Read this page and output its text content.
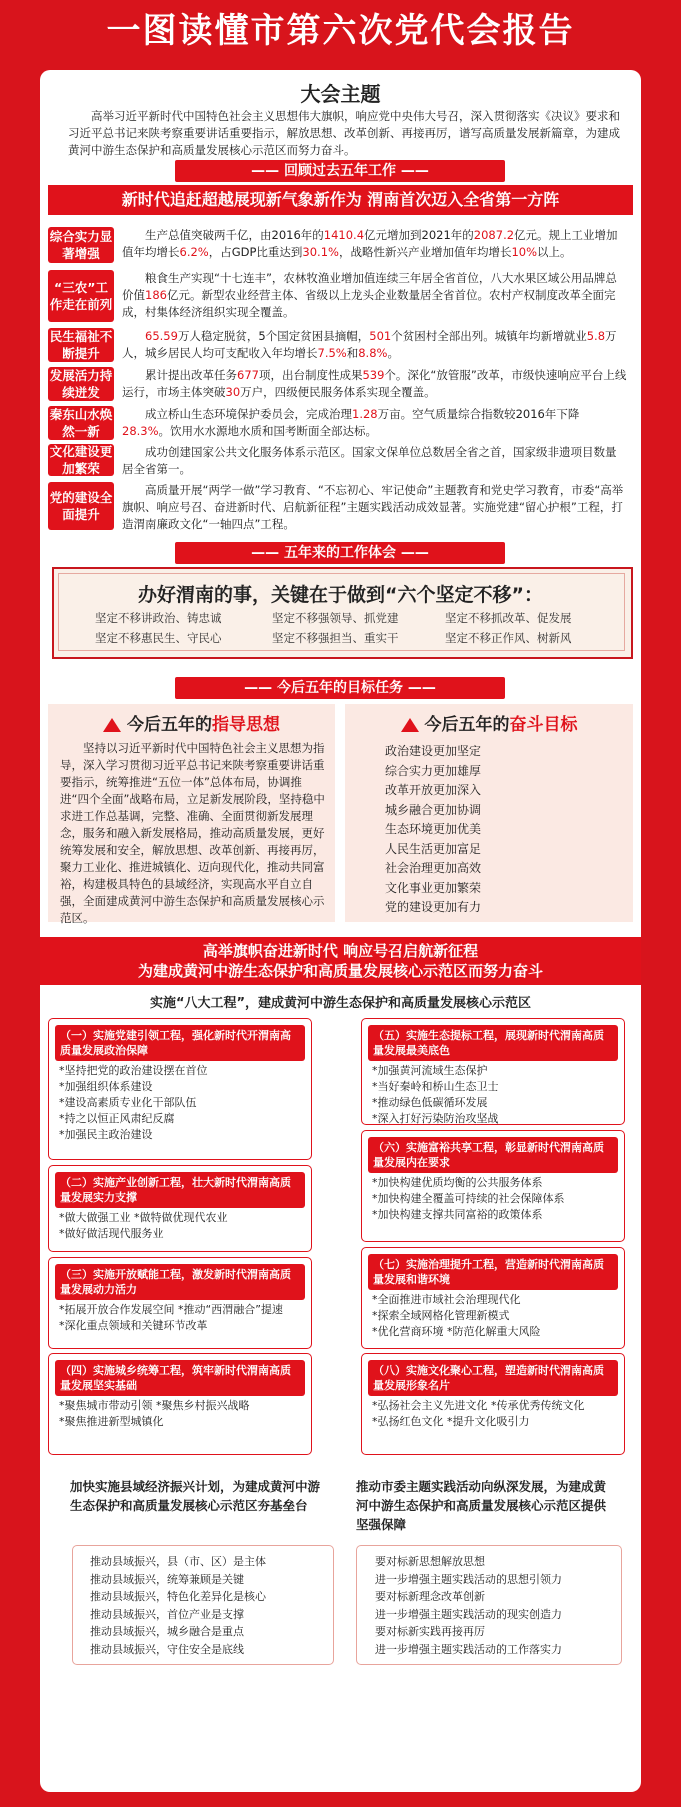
一图读懂市第六次党代会报告
大会主题
高举习近平新时代中国特色社会主义思想伟大旗帜，响应党中央伟大号召，深入贯彻落实《决议》要求和习近平总书记来陕考察重要讲话重要指示，解放思想、改革创新、再接再厉，谱写高质量发展新篇章，为建成黄河中游生态保护和高质量发展核心示范区而努力奋斗。
—— 回顾过去五年工作 ——
新时代追赶超越展现新气象新作为 渭南首次迈入全省第一方阵
综合实力显著增强
生产总值突破两千亿，由2016年的1410.4亿元增加到2021年的2087.2亿元。规上工业增加值年均增长6.2%，占GDP比重达到30.1%，战略性新兴产业增加值年均增长10%以上。
“三农”工作走在前列
粮食生产实现“十七连丰”，农林牧渔业增加值连续三年居全省首位，八大水果区域公用品牌总价值186亿元。新型农业经营主体、省级以上龙头企业数量居全省首位。农村产权制度改革全面完成，村集体经济组织实现全覆盖。
民生福祉不断提升
65.59万人稳定脱贫，5个国定贫困县摘帽，501个贫困村全部出列。城镇年均新增就业5.8万人，城乡居民人均可支配收入年均增长7.5%和8.8%。
发展活力持续迸发
累计提出改革任务677项，出台制度性成果539个。深化“放管服”改革，市级快速响应平台上线运行，市场主体突破30万户，四级便民服务体系实现全覆盖。
秦东山水焕然一新
成立桥山生态环境保护委员会，完成治理1.28万亩。空气质量综合指数较2016年下降28.3%。饮用水水源地水质和国考断面全部达标。
文化建设更加繁荣
成功创建国家公共文化服务体系示范区。国家文保单位总数居全省之首，国家级非遗项目数量居全省第一。
党的建设全面提升
高质量开展“两学一做”学习教育、“不忘初心、牢记使命”主题教育和党史学习教育，市委“高举旗帜、响应号召、奋进新时代、启航新征程”主题实践活动成效显著。实施党建“留心护根”工程，打造渭南廉政文化“一轴四点”工程。
—— 五年来的工作体会 ——
办好渭南的事，关键在于做到“六个坚定不移”：
坚定不移讲政治、铸忠诚	坚定不移强领导、抓党建	坚定不移抓改革、促发展
坚定不移惠民生、守民心	坚定不移强担当、重实干	坚定不移正作风、树新风
—— 今后五年的目标任务 ——
今后五年的指导思想	今后五年的奋斗目标
坚持以习近平新时代中国特色社会主义思想为指导，深入学习贯彻习近平总书记来陕考察重要讲话重要指示，统筹推进“五位一体”总体布局，协调推进“四个全面”战略布局，立足新发展阶段，坚持稳中求进工作总基调，完整、准确、全面贯彻新发展理念，服务和融入新发展格局，推动高质量发展，更好统筹发展和安全，解放思想、改革创新、再接再厉，聚力工业化、推进城镇化、迈向现代化，推动共同富裕，构建极具特色的县域经济，实现高水平自立自强，全面建成黄河中游生态保护和高质量发展核心示范区。
政治建设更加坚定
综合实力更加雄厚
改革开放更加深入
城乡融合更加协调
生态环境更加优美
人民生活更加富足
社会治理更加高效
文化事业更加繁荣
党的建设更加有力
高举旗帜奋进新时代 响应号召启航新征程
为建成黄河中游生态保护和高质量发展核心示范区而努力奋斗
实施“八大工程”，建成黄河中游生态保护和高质量发展核心示范区
（一）实施党建引领工程，强化新时代开渭南高质量发展政治保障
*坚持把党的政治建设摆在首位
*加强组织体系建设
*建设高素质专业化干部队伍
*持之以恒正风肃纪反腐
*加强民主政治建设
（二）实施产业创新工程，壮大新时代渭南高质量发展实力支撑
*做大做强工业 *做特做优现代农业
*做好做活现代服务业
（三）实施开放赋能工程，激发新时代渭南高质量发展动力活力
*拓展开放合作发展空间 *推动“西渭融合”提速
*深化重点领域和关键环节改革
（四）实施城乡统筹工程，筑牢新时代渭南高质量发展坚实基础
*聚焦城市带动引领 *聚焦乡村振兴战略
*聚焦推进新型城镇化
（五）实施生态提标工程，展现新时代渭南高质量发展最美底色
*加强黄河流域生态保护
*当好秦岭和桥山生态卫士
*推动绿色低碳循环发展
*深入打好污染防治攻坚战
（六）实施富裕共享工程，彰显新时代渭南高质量发展内在要求
*加快构建优质均衡的公共服务体系
*加快构建全覆盖可持续的社会保障体系
*加快构建支撑共同富裕的政策体系
（七）实施治理提升工程，营造新时代渭南高质量发展和谐环境
*全面推进市域社会治理现代化
*探索全域网格化管理新模式
*优化营商环境 *防范化解重大风险
（八）实施文化聚心工程，塑造新时代渭南高质量发展形象名片
*弘扬社会主义先进文化 *传承优秀传统文化
*弘扬红色文化 *提升文化吸引力
加快实施县域经济振兴计划，为建成黄河中游生态保护和高质量发展核心示范区夯基垒台
推动县域振兴，县（市、区）是主体
推动县域振兴，统筹兼顾是关键
推动县域振兴，特色化差异化是核心
推动县域振兴，首位产业是支撑
推动县域振兴，城乡融合是重点
推动县域振兴，守住安全是底线
推动市委主题实践活动向纵深发展，为建成黄河中游生态保护和高质量发展核心示范区提供坚强保障
要对标新思想解放思想
进一步增强主题实践活动的思想引领力
要对标新理念改革创新
进一步增强主题实践活动的现实创造力
要对标新实践再接再厉
进一步增强主题实践活动的工作落实力
